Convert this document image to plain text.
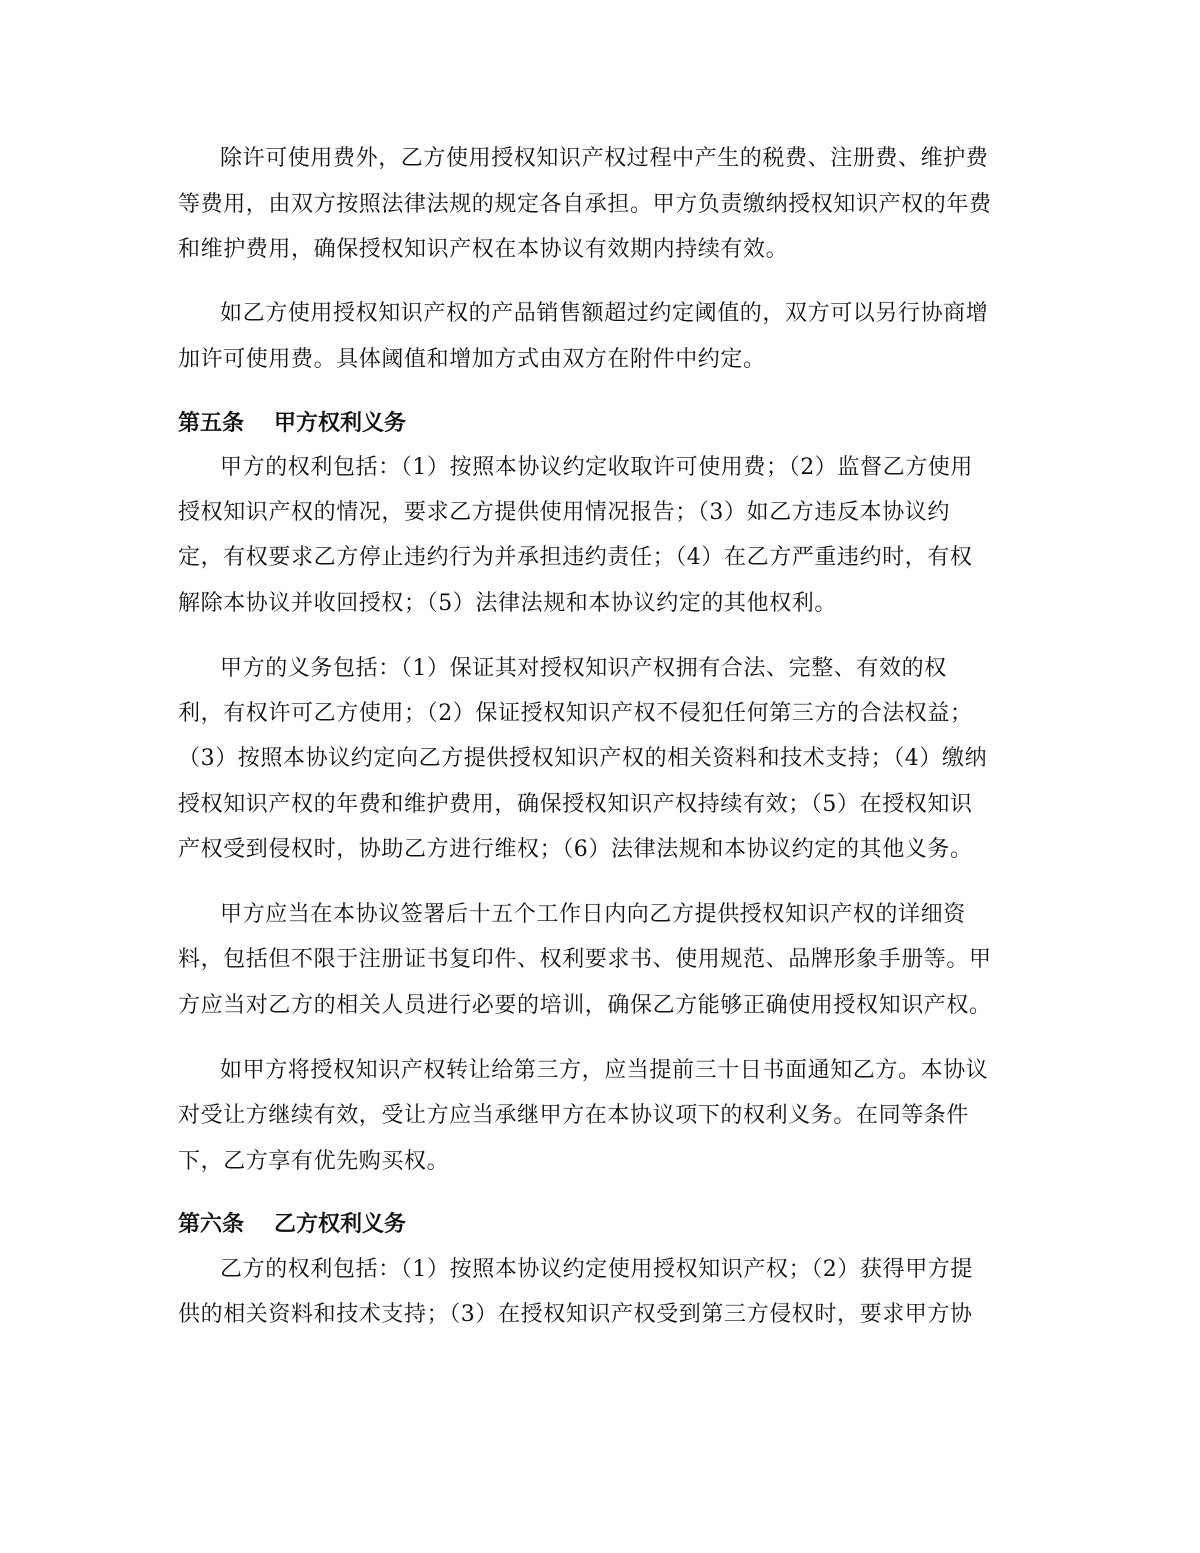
除许可使用费外，乙方使用授权知识产权过程中产生的税费、注册费、维护费
等费用，由双方按照法律法规的规定各自承担。甲方负责缴纳授权知识产权的年费
和维护费用，确保授权知识产权在本协议有效期内持续有效。
如乙方使用授权知识产权的产品销售额超过约定阈值的，双方可以另行协商增
加许可使用费。具体阈值和增加方式由双方在附件中约定。
第五条 甲方权利义务
甲方的权利包括：（1）按照本协议约定收取许可使用费；（2）监督乙方使用
授权知识产权的情况，要求乙方提供使用情况报告；（3）如乙方违反本协议约
定，有权要求乙方停止违约行为并承担违约责任；（4）在乙方严重违约时，有权
解除本协议并收回授权；（5）法律法规和本协议约定的其他权利。
甲方的义务包括：（1）保证其对授权知识产权拥有合法、完整、有效的权
利，有权许可乙方使用；（2）保证授权知识产权不侵犯任何第三方的合法权益；
（3）按照本协议约定向乙方提供授权知识产权的相关资料和技术支持；（4）缴纳
授权知识产权的年费和维护费用，确保授权知识产权持续有效；（5）在授权知识
产权受到侵权时，协助乙方进行维权；（6）法律法规和本协议约定的其他义务。
甲方应当在本协议签署后十五个工作日内向乙方提供授权知识产权的详细资
料，包括但不限于注册证书复印件、权利要求书、使用规范、品牌形象手册等。甲
方应当对乙方的相关人员进行必要的培训，确保乙方能够正确使用授权知识产权。
如甲方将授权知识产权转让给第三方，应当提前三十日书面通知乙方。本协议
对受让方继续有效，受让方应当承继甲方在本协议项下的权利义务。在同等条件
下，乙方享有优先购买权。
第六条 乙方权利义务
乙方的权利包括：（1）按照本协议约定使用授权知识产权；（2）获得甲方提
供的相关资料和技术支持；（3）在授权知识产权受到第三方侵权时，要求甲方协
